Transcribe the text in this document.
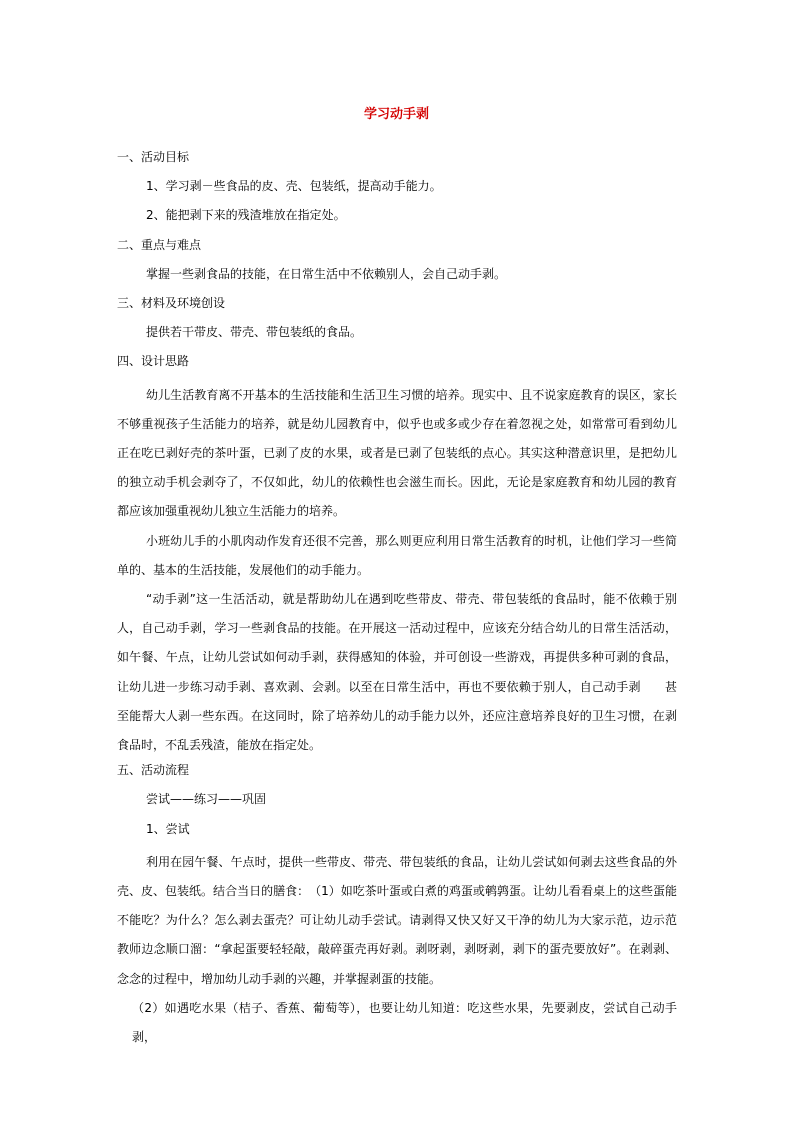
学习动手剥
一、活动目标
1、学习剥－些食品的皮、壳、包装纸，提高动手能力。
2、能把剥下来的残渣堆放在指定处。
二、重点与难点
掌握一些剥食品的技能，在日常生活中不依赖别人，会自己动手剥。
三、材料及环境创设
提供若干带皮、带壳、带包装纸的食品。
四、设计思路
幼儿生活教育离不开基本的生活技能和生活卫生习惯的培养。现实中、且不说家庭教育的误区，家长不够重视孩子生活能力的培养，就是幼儿园教育中，似乎也或多或少存在着忽视之处，如常常可看到幼儿正在吃已剥好壳的茶叶蛋，已剥了皮的水果，或者是已剥了包装纸的点心。其实这种潜意识里，是把幼儿的独立动手机会剥夺了，不仅如此，幼儿的依赖性也会滋生而长。因此，无论是家庭教育和幼儿园的教育都应该加强重视幼儿独立生活能力的培养。
小班幼儿手的小肌肉动作发育还很不完善，那么则更应利用日常生活教育的时机，让他们学习一些简单的、基本的生活技能，发展他们的动手能力。
“动手剥”这一生活活动，就是帮助幼儿在遇到吃些带皮、带壳、带包装纸的食品时，能不依赖于别人，自己动手剥，学习一些剥食品的技能。在开展这一活动过程中，应该充分结合幼儿的日常生活活动，如午餐、午点，让幼儿尝试如何动手剥，获得感知的体验，并可创设一些游戏，再提供多种可剥的食品，让幼儿进一步练习动手剥、喜欢剥、会剥。以至在日常生活中，再也不要依赖于别人，自己动手剥　　甚至能帮大人剥一些东西。在这同时，除了培养幼儿的动手能力以外，还应注意培养良好的卫生习惯，在剥食品时，不乱丢残渣，能放在指定处。
五、活动流程
尝试——练习——巩固
1、尝试
利用在园午餐、午点时，提供一些带皮、带壳、带包装纸的食品，让幼儿尝试如何剥去这些食品的外壳、皮、包装纸。结合当日的膳食：　（1）如吃茶叶蛋或白煮的鸡蛋或鹌鹑蛋。让幼儿看看桌上的这些蛋能不能吃？为什么？怎么剥去蛋壳？可让幼儿动手尝试。请剥得又快又好又干净的幼儿为大家示范，边示范教师边念顺口溜：“拿起蛋要轻轻敲，敲碎蛋壳再好剥。剥呀剥，剥呀剥，剥下的蛋壳要放好”。在剥剥、念念的过程中，增加幼儿动手剥的兴趣，并掌握剥蛋的技能。
（2）如遇吃水果（桔子、香蕉、葡萄等），也要让幼儿知道：吃这些水果，先要剥皮，尝试自己动手剥，
